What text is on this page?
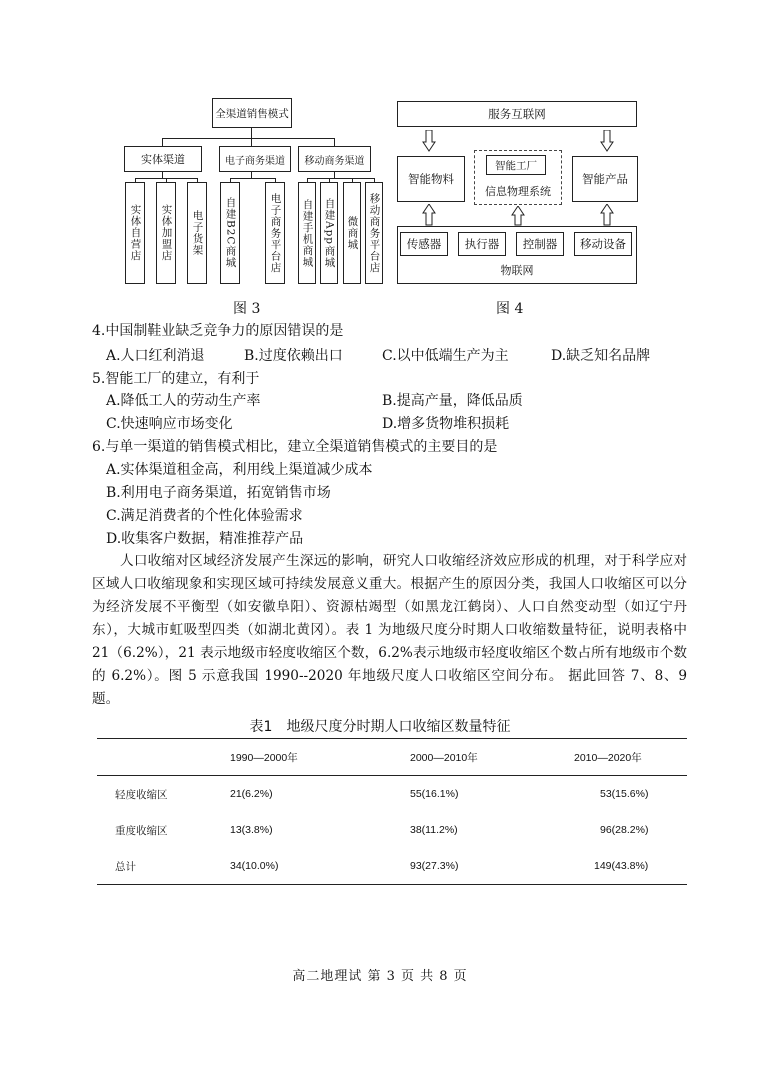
全渠道销售模式
实体渠道	电子商务渠道	移动商务渠道
实体自营店	实体加盟店	电子货架	自建B2C商城	电子商务平台店	自建手机商城 自建App商城	微商城 移动商务平台店
图 3
服务互联网
智能物料	智能产品
智能工厂
信息物理系统
传感器	执行器	控制器	移动设备
物联网
图 4
4.中国制鞋业缺乏竞争力的原因错误的是
A.人口红利消退	B.过度依赖出口	C.以中低端生产为主	D.缺乏知名品牌
5.智能工厂的建立，有利于
A.降低工人的劳动生产率	B.提高产量，降低品质
C.快速响应市场变化	D.增多货物堆积损耗
6.与单一渠道的销售模式相比，建立全渠道销售模式的主要目的是
A.实体渠道租金高，利用线上渠道减少成本
B.利用电子商务渠道，拓宽销售市场
C.满足消费者的个性化体验需求
D.收集客户数据，精准推荐产品
人口收缩对区域经济发展产生深远的影响，研究人口收缩经济效应形成的机理，对于科学应对区域人口收缩现象和实现区域可持续发展意义重大。根据产生的原因分类，我国人口收缩区可以分为经济发展不平衡型（如安徽阜阳）、资源枯竭型（如黑龙江鹤岗）、人口自然变动型（如辽宁丹东），大城市虹吸型四类（如湖北黄冈）。表 1 为地级尺度分时期人口收缩数量特征，说明表格中 21（6.2%），21 表示地级市轻度收缩区个数，6.2%表示地级市轻度收缩区个数占所有地级市个数的 6.2%）。图 5 示意我国 1990--2020 年地级尺度人口收缩区空间分布。 据此回答 7、8、9 题。
表1　地级尺度分时期人口收缩区数量特征
	1990—2000年	2000—2010年	2010—2020年
轻度收缩区	21(6.2%)	55(16.1%)	53(15.6%)
重度收缩区	13(3.8%)	38(11.2%)	96(28.2%)
总计	34(10.0%)	93(27.3%)	149(43.8%)
高二地理试 第 3 页 共 8 页
